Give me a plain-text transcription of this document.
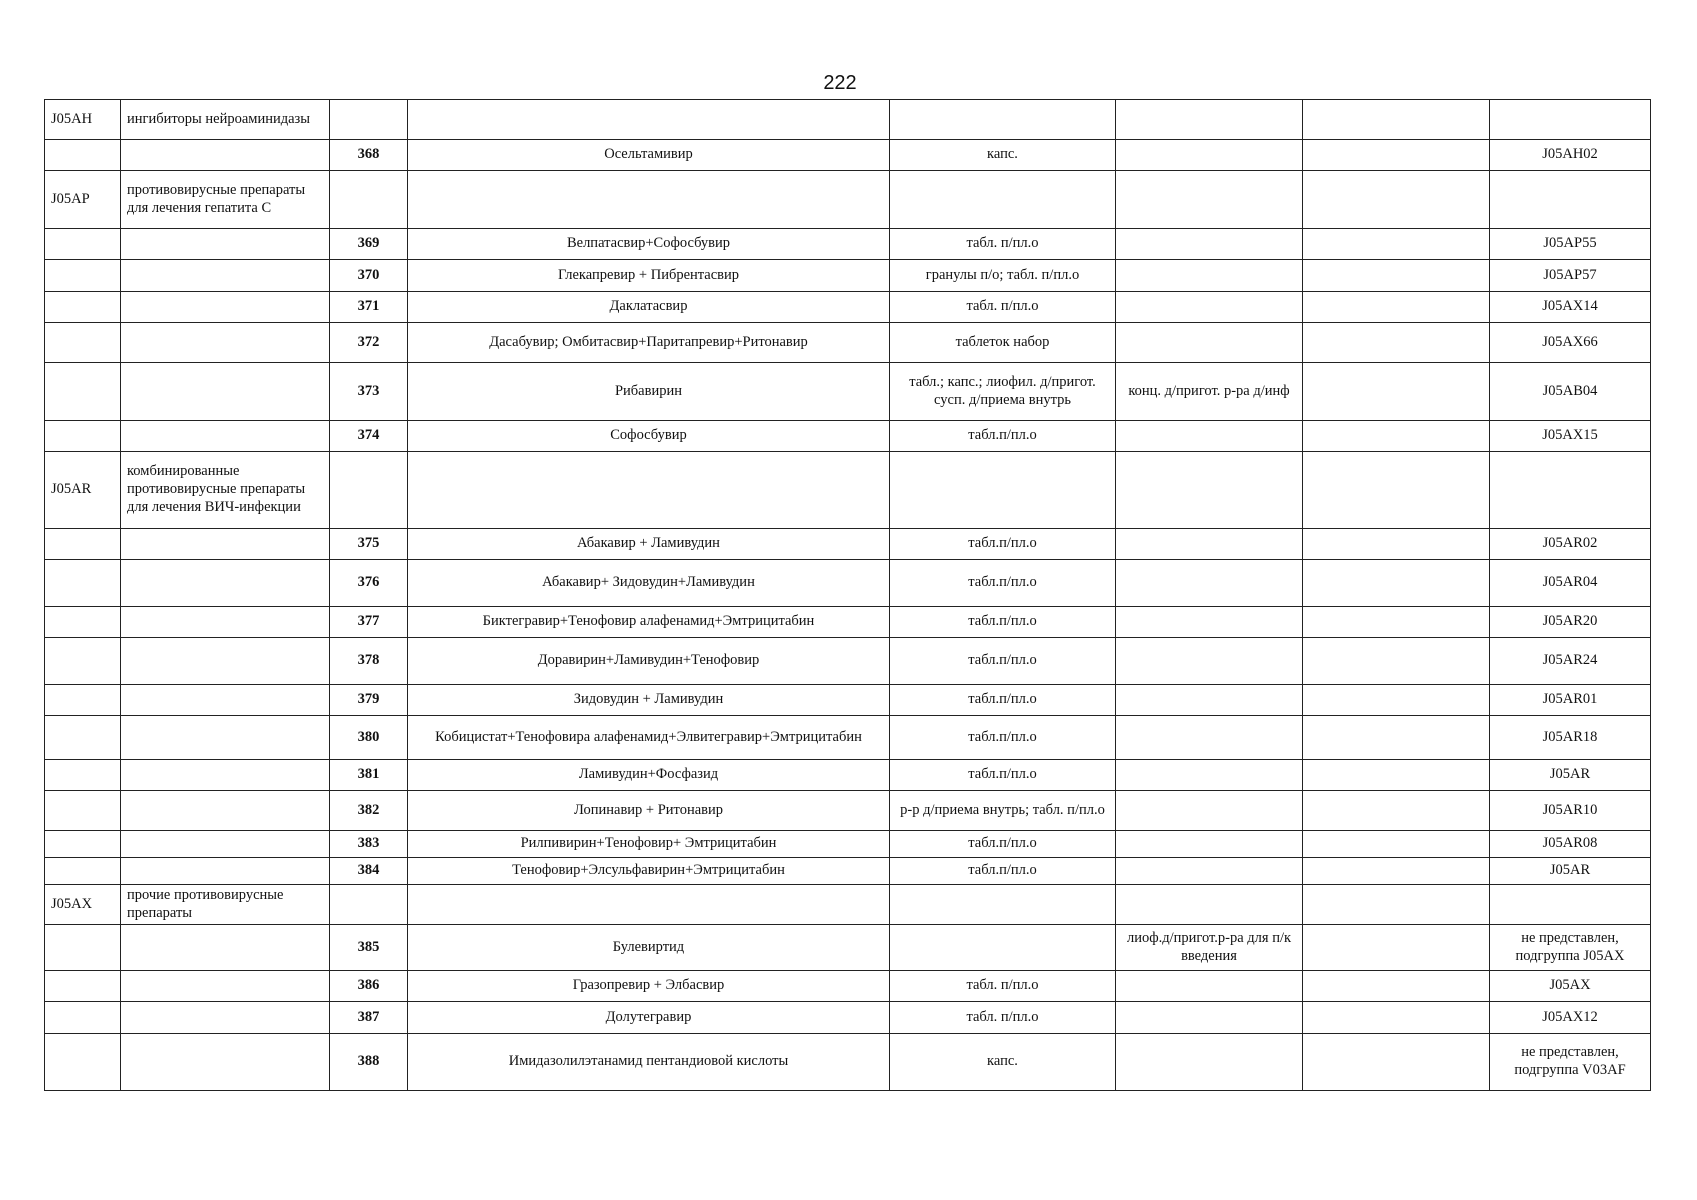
222
J05AH	ингибиторы нейроаминидазы						
		368	Осельтамивир	капс.			J05AH02
J05AP	противовирусные препараты для лечения гепатита С						
		369	Велпатасвир+Софосбувир	табл. п/пл.о			J05AP55
		370	Глекапревир + Пибрентасвир	гранулы п/о; табл. п/пл.о			J05AP57
		371	Даклатасвир	табл. п/пл.о			J05AX14
		372	Дасабувир; Омбитасвир+Паритапревир+Ритонавир	таблеток набор			J05AX66
		373	Рибавирин	табл.; капс.; лиофил. д/пригот. сусп. д/приема внутрь	конц. д/пригот. р-ра д/инф		J05AB04
		374	Софосбувир	табл.п/пл.о			J05AX15
J05AR	комбинированные противовирусные препараты для лечения ВИЧ-инфекции						
		375	Абакавир + Ламивудин	табл.п/пл.о			J05AR02
		376	Абакавир+ Зидовудин+Ламивудин	табл.п/пл.о			J05AR04
		377	Биктегравир+Тенофовир алафенамид+Эмтрицитабин	табл.п/пл.о			J05AR20
		378	Доравирин+Ламивудин+Тенофовир	табл.п/пл.о			J05AR24
		379	Зидовудин + Ламивудин	табл.п/пл.о			J05AR01
		380	Кобицистат+Тенофовира алафенамид+Элвитегравир+Эмтрицитабин	табл.п/пл.о			J05AR18
		381	Ламивудин+Фосфазид	табл.п/пл.о			J05AR
		382	Лопинавир + Ритонавир	р-р д/приема внутрь; табл. п/пл.о			J05AR10
		383	Рилпивирин+Тенофовир+ Эмтрицитабин	табл.п/пл.о			J05AR08
		384	Тенофовир+Элсульфавирин+Эмтрицитабин	табл.п/пл.о			J05AR
J05AX	прочие противовирусные препараты						
		385	Булевиртид		лиоф.д/пригот.р-ра для п/к введения		не представлен, подгруппа J05AX
		386	Гразопревир + Элбасвир	табл. п/пл.о			J05AX
		387	Долутегравир	табл. п/пл.о			J05AX12
		388	Имидазолилэтанамид пентандиовой кислоты	капс.			не представлен, подгруппа V03AF
